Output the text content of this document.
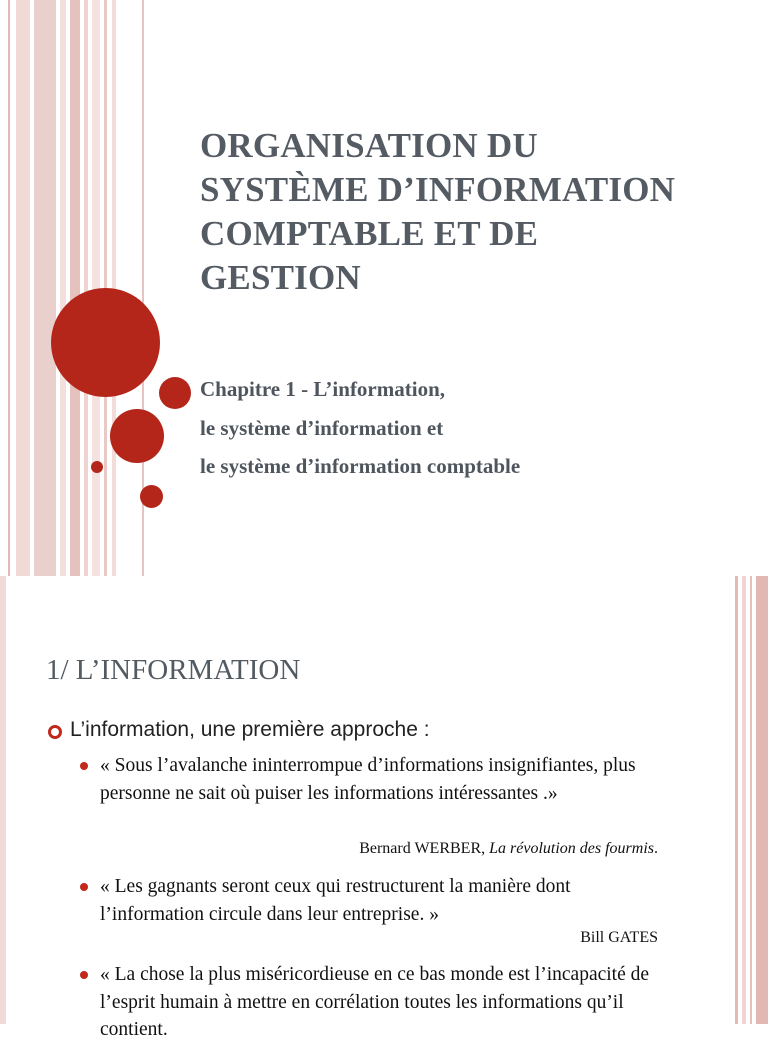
ORGANISATION DU
SYSTÈME D’INFORMATION
COMPTABLE ET DE
GESTION
Chapitre 1 - L’information,
le système d’information et
le système d’information comptable
1/ L’INFORMATION
L’information, une première approche :
« Sous l’avalanche ininterrompue d’informations insignifiantes, plus personne ne sait où puiser les informations intéressantes .»
Bernard WERBER, La révolution des fourmis.
« Les gagnants seront ceux qui restructurent la manière dont l’information circule dans leur entreprise. »
Bill GATES
« La chose la plus miséricordieuse en ce bas monde est l’incapacité de l’esprit humain à mettre en corrélation toutes les informations qu’il contient.
